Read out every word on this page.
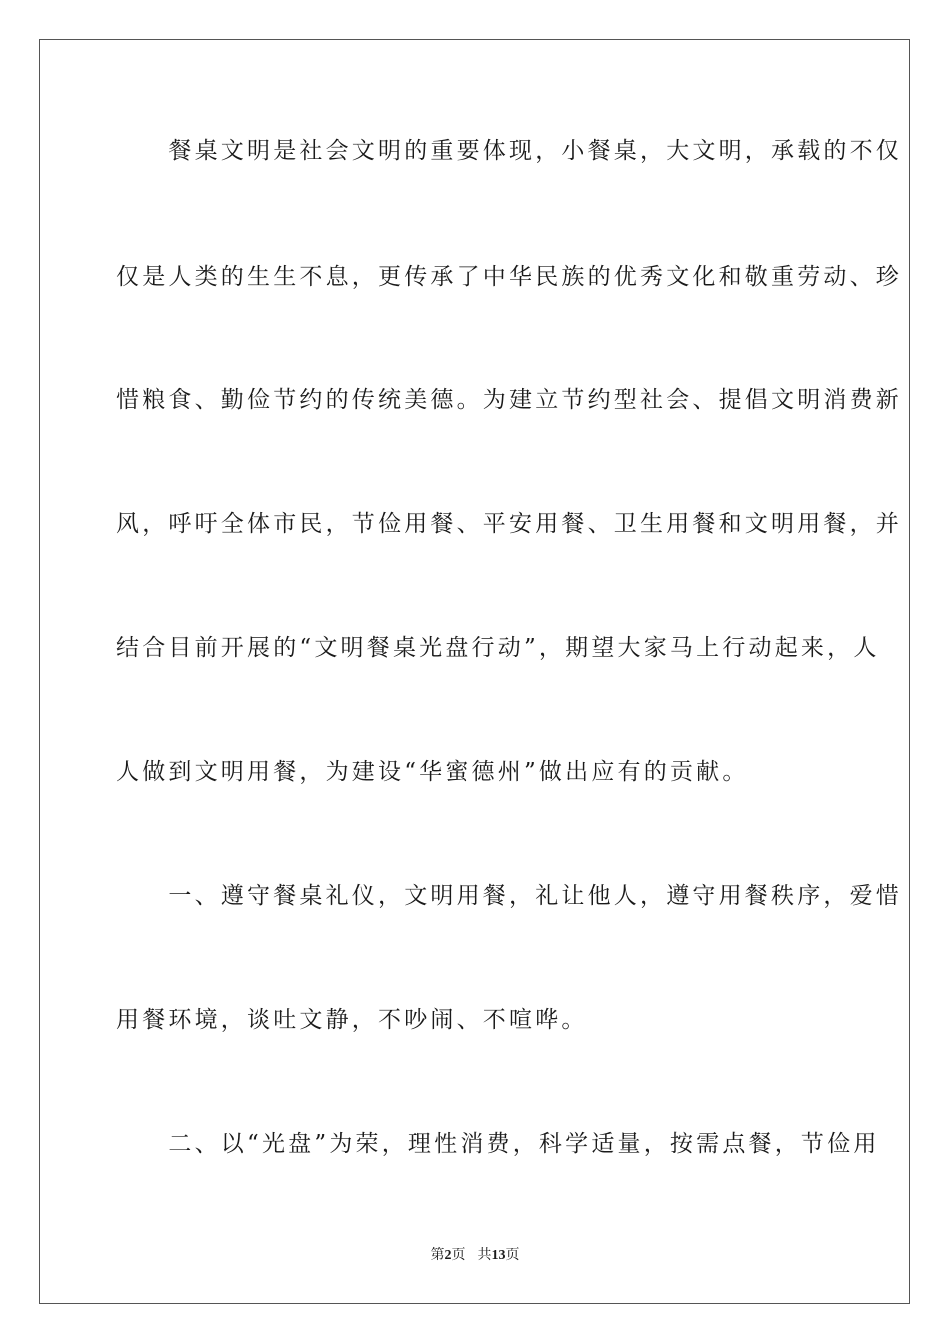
　　餐桌文明是社会文明的重要体现，小餐桌，大文明，承载的不仅
仅是人类的生生不息，更传承了中华民族的优秀文化和敬重劳动、珍
惜粮食、勤俭节约的传统美德。为建立节约型社会、提倡文明消费新
风，呼吁全体市民，节俭用餐、平安用餐、卫生用餐和文明用餐，并
结合目前开展的“文明餐桌光盘行动”，期望大家马上行动起来，人
人做到文明用餐，为建设“华蜜德州”做出应有的贡献。
　　一、遵守餐桌礼仪，文明用餐，礼让他人，遵守用餐秩序，爱惜
用餐环境，谈吐文静，不吵闹、不喧哗。
　　二、以“光盘”为荣，理性消费，科学适量，按需点餐，节俭用
第2页 共13页
